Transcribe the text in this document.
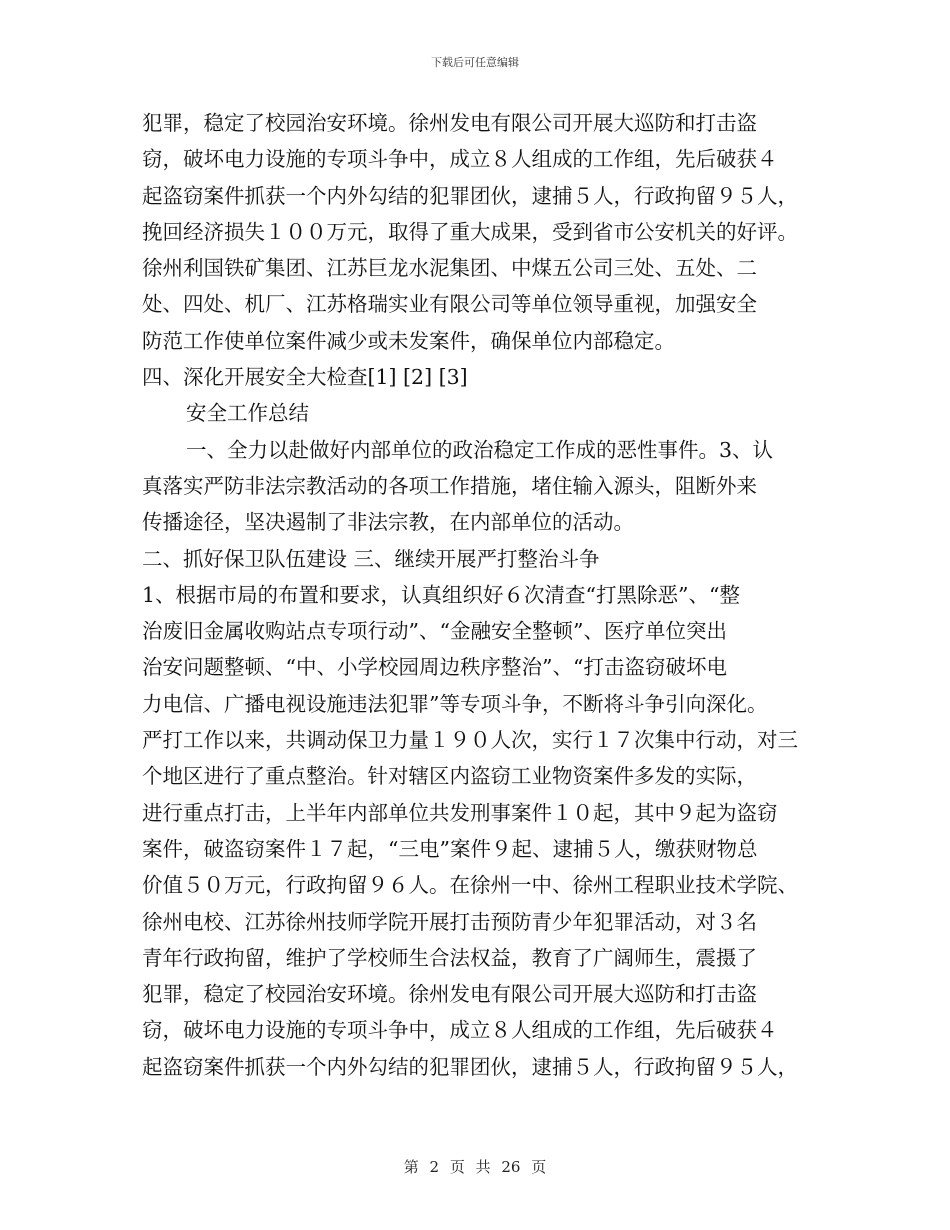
下载后可任意编辑
犯罪，稳定了校园治安环境。徐州发电有限公司开展大巡防和打击盗
窃，破坏电力设施的专项斗争中，成立８人组成的工作组，先后破获４
起盗窃案件抓获一个内外勾结的犯罪团伙，逮捕５人，行政拘留９５人，
挽回经济损失１００万元，取得了重大成果，受到省市公安机关的好评。
徐州利国铁矿集团、江苏巨龙水泥集团、中煤五公司三处、五处、二
处、四处、机厂、江苏格瑞实业有限公司等单位领导重视，加强安全
防范工作使单位案件减少或未发案件，确保单位内部稳定。
四、深化开展安全大检查[1] [2] [3]
安全工作总结
一、全力以赴做好内部单位的政治稳定工作成的恶性事件。3、认
真落实严防非法宗教活动的各项工作措施，堵住输入源头，阻断外来
传播途径，坚决遏制了非法宗教，在内部单位的活动。
二、抓好保卫队伍建设 三、继续开展严打整治斗争
1、根据市局的布置和要求，认真组织好６次清查“打黑除恶”、“整
治废旧金属收购站点专项行动”、“金融安全整顿”、医疗单位突出
治安问题整顿、“中、小学校园周边秩序整治”、“打击盗窃破坏电
力电信、广播电视设施违法犯罪”等专项斗争，不断将斗争引向深化。
严打工作以来，共调动保卫力量１９０人次，实行１７次集中行动，对三
个地区进行了重点整治。针对辖区内盗窃工业物资案件多发的实际，
进行重点打击，上半年内部单位共发刑事案件１０起，其中９起为盗窃
案件，破盗窃案件１７起，“三电”案件９起、逮捕５人，缴获财物总
价值５０万元，行政拘留９６人。在徐州一中、徐州工程职业技术学院、
徐州电校、江苏徐州技师学院开展打击预防青少年犯罪活动，对３名
青年行政拘留，维护了学校师生合法权益，教育了广阔师生，震摄了
犯罪，稳定了校园治安环境。徐州发电有限公司开展大巡防和打击盗
窃，破坏电力设施的专项斗争中，成立８人组成的工作组，先后破获４
起盗窃案件抓获一个内外勾结的犯罪团伙，逮捕５人，行政拘留９５人，
第 2 页 共 26 页
